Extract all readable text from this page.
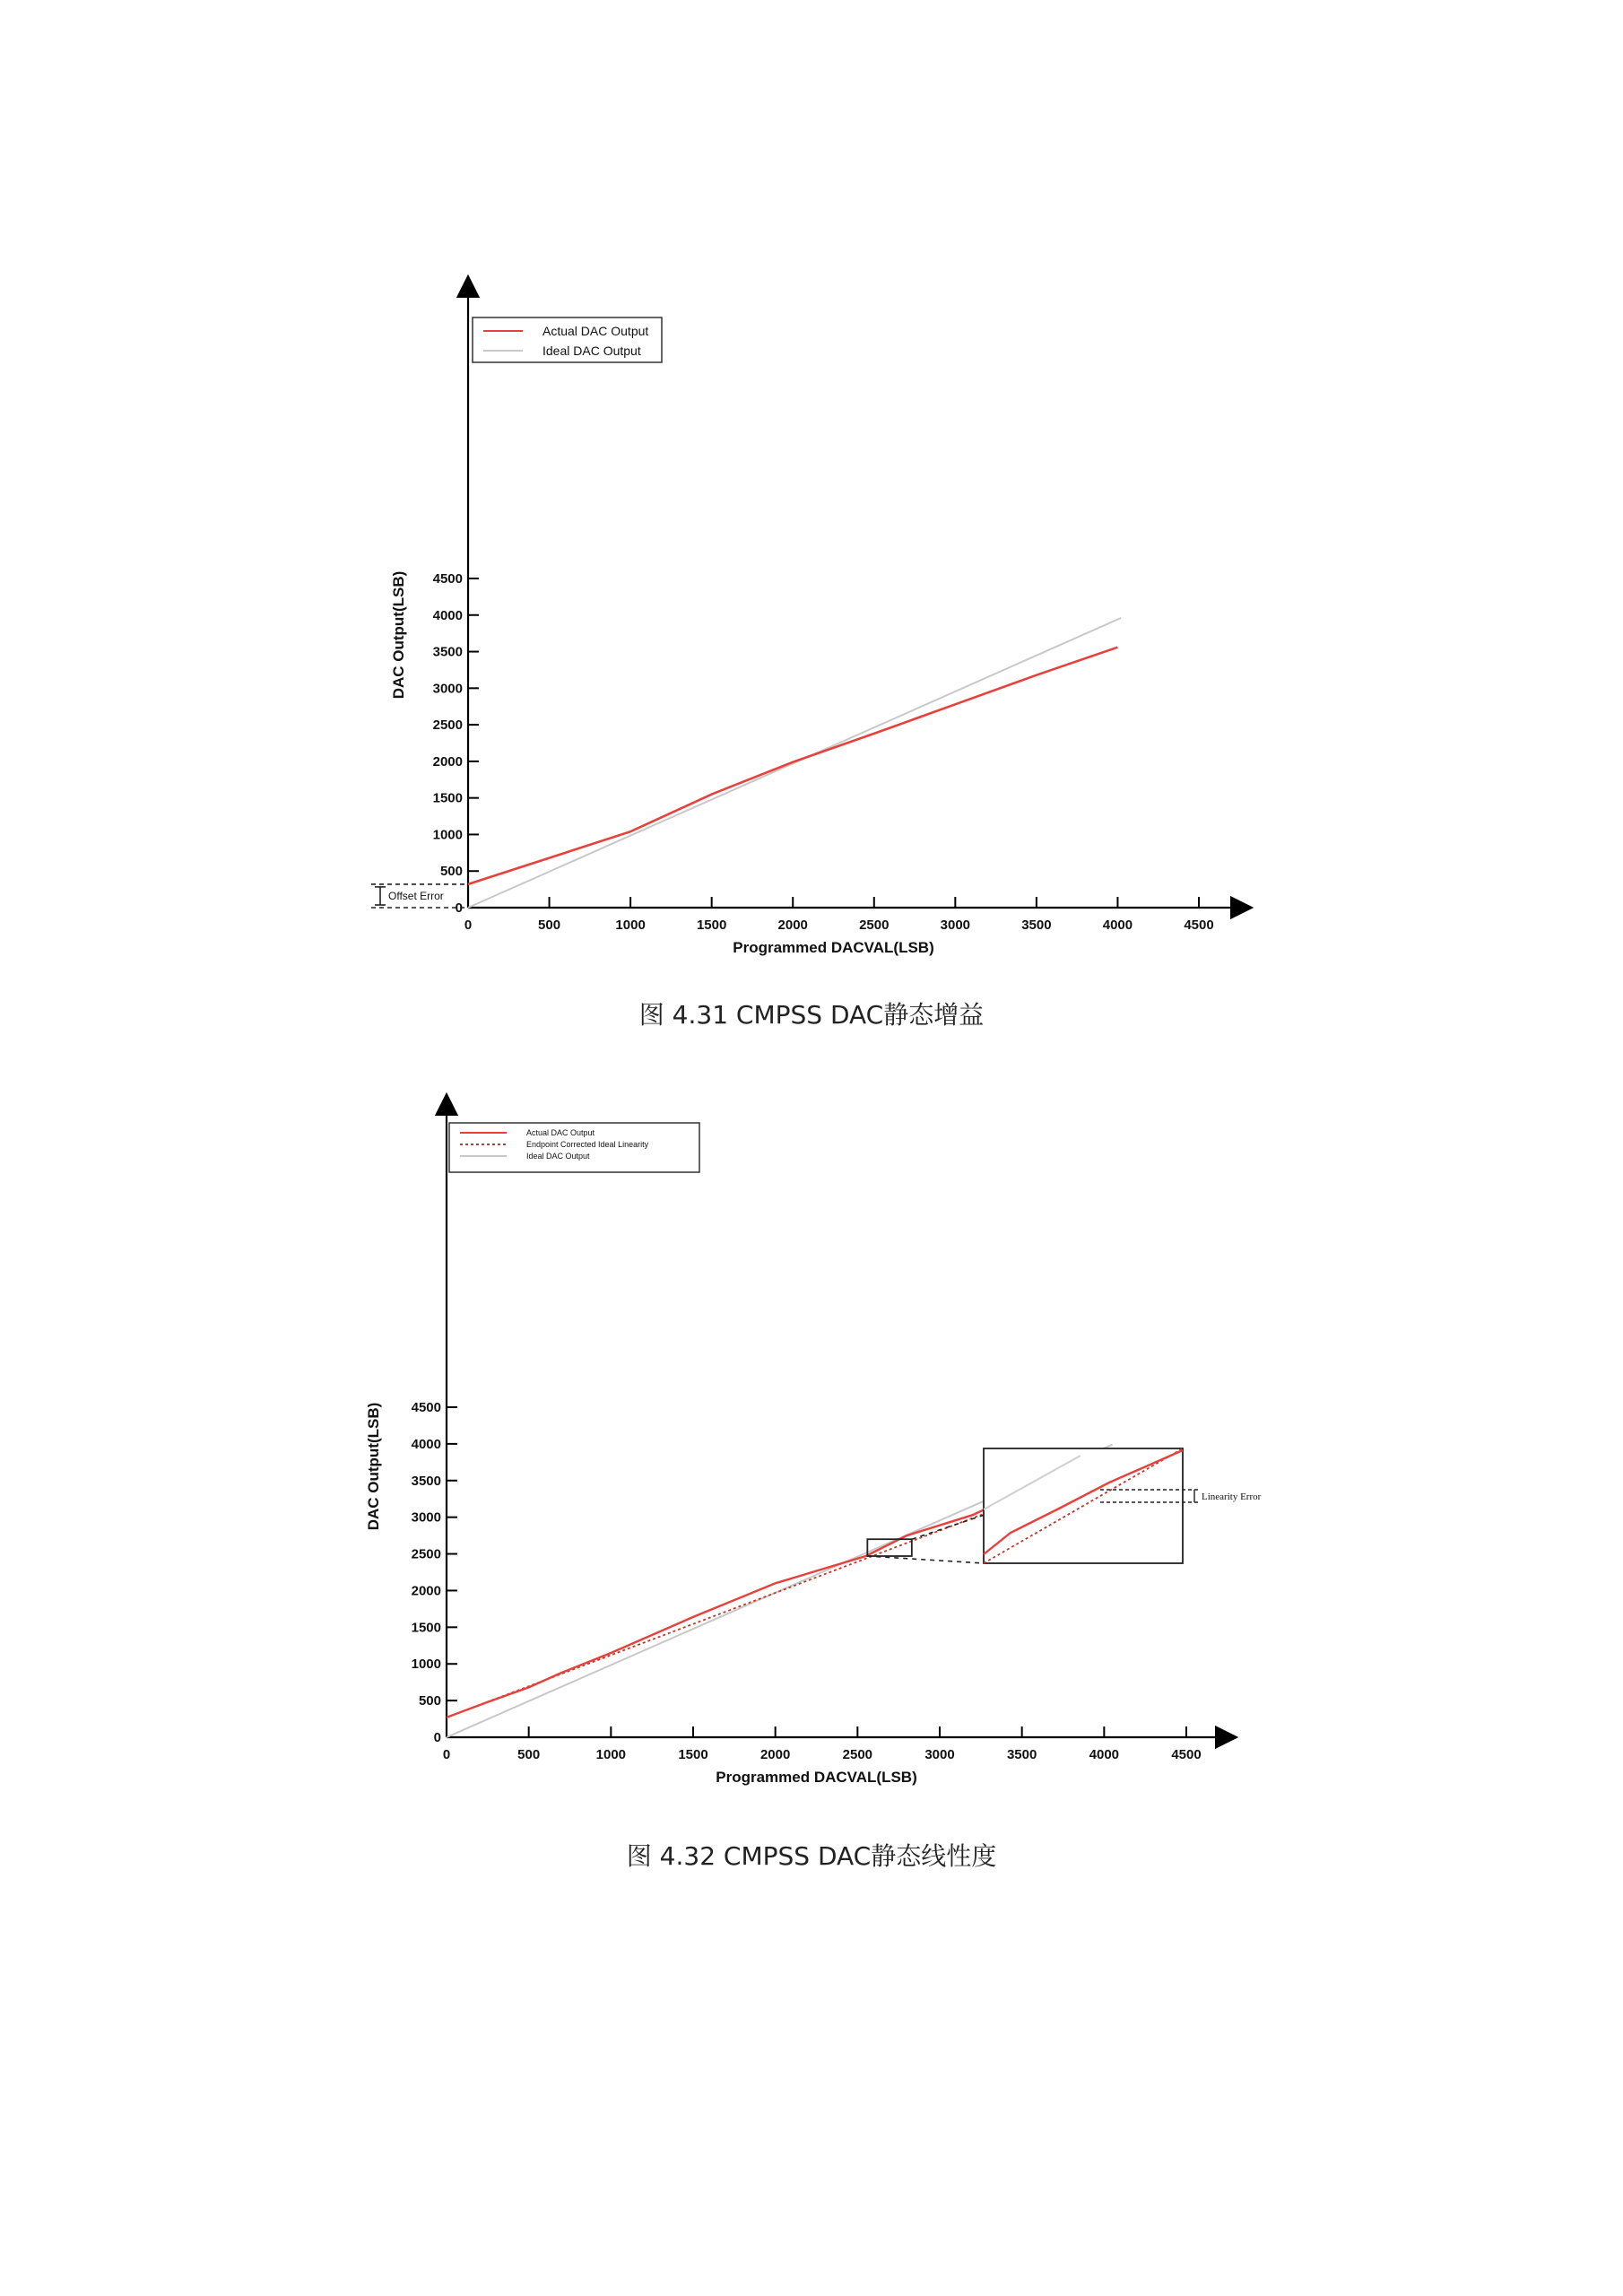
0	500	1000	1500	2000	2500	3000	3500	4000	4500
0
500
1000
1500
2000
2500
3000
3500
4000
4500
Programmed DACVAL(LSB)
DAC Output(LSB)
Offset Error
Actual DAC Output
Ideal DAC Output
图 4.31 CMPSS DAC静态增益
0	500	1000	1500	2000	2500	3000	3500	4000	4500
0
500
1000
1500
2000
2500
3000
3500
4000
4500
Programmed DACVAL(LSB)
DAC Output(LSB)	Linearity Error
Actual DAC Output
Endpoint Corrected Ideal Linearity
Ideal DAC Output
图 4.32 CMPSS DAC静态线性度
